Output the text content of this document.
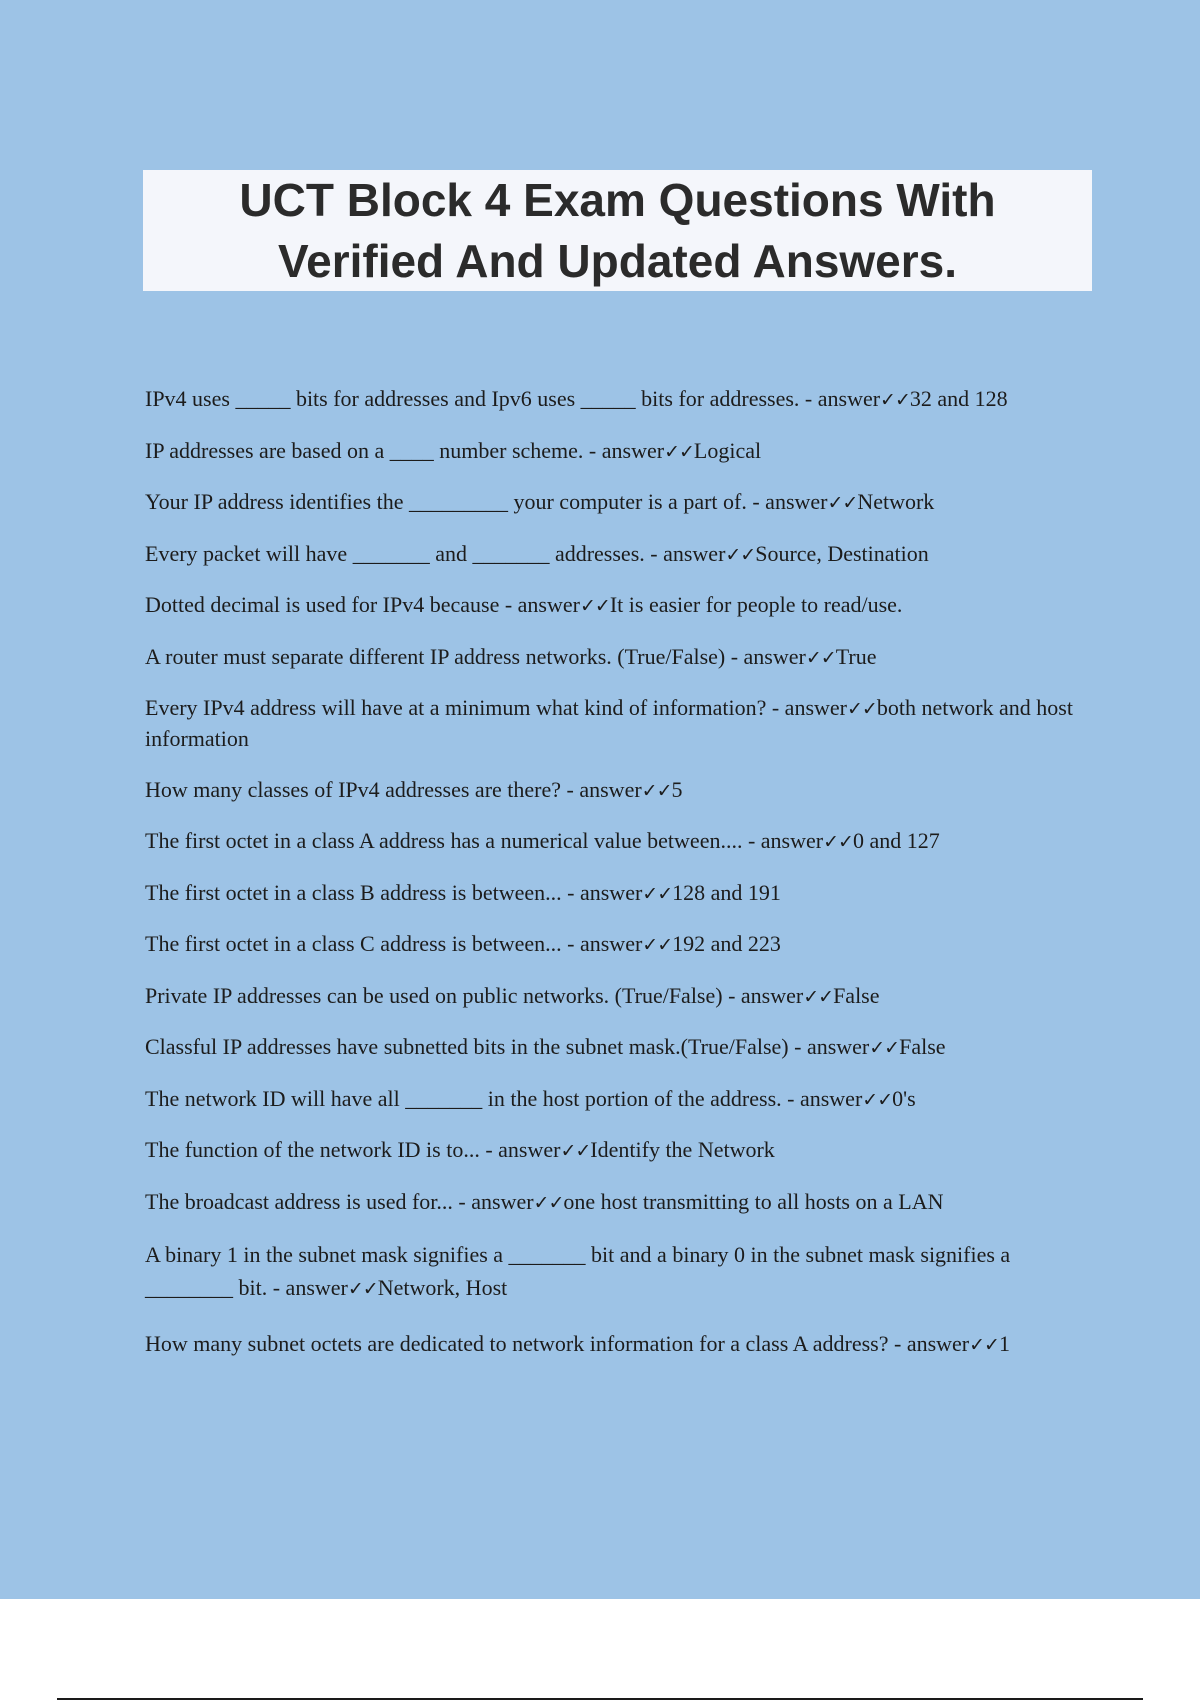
UCT Block 4 Exam Questions With Verified And Updated Answers.
IPv4 uses _____ bits for addresses and Ipv6 uses _____ bits for addresses. - answer✓✓32 and 128
IP addresses are based on a ____ number scheme. - answer✓✓Logical
Your IP address identifies the _________ your computer is a part of. - answer✓✓Network
Every packet will have _______ and _______ addresses. - answer✓✓Source, Destination
Dotted decimal is used for IPv4 because - answer✓✓It is easier for people to read/use.
A router must separate different IP address networks. (True/False) - answer✓✓True
Every IPv4 address will have at a minimum what kind of information? - answer✓✓both network and host information
How many classes of IPv4 addresses are there? - answer✓✓5
The first octet in a class A address has a numerical value between.... - answer✓✓0 and 127
The first octet in a class B address is between... - answer✓✓128 and 191
The first octet in a class C address is between... - answer✓✓192 and 223
Private IP addresses can be used on public networks. (True/False) - answer✓✓False
Classful IP addresses have subnetted bits in the subnet mask.(True/False) - answer✓✓False
The network ID will have all _______ in the host portion of the address. - answer✓✓0's
The function of the network ID is to... - answer✓✓Identify the Network
The broadcast address is used for... - answer✓✓one host transmitting to all hosts on a LAN
A binary 1 in the subnet mask signifies a _______ bit and a binary 0 in the subnet mask signifies a ________ bit. - answer✓✓Network, Host
How many subnet octets are dedicated to network information for a class A address? - answer✓✓1
